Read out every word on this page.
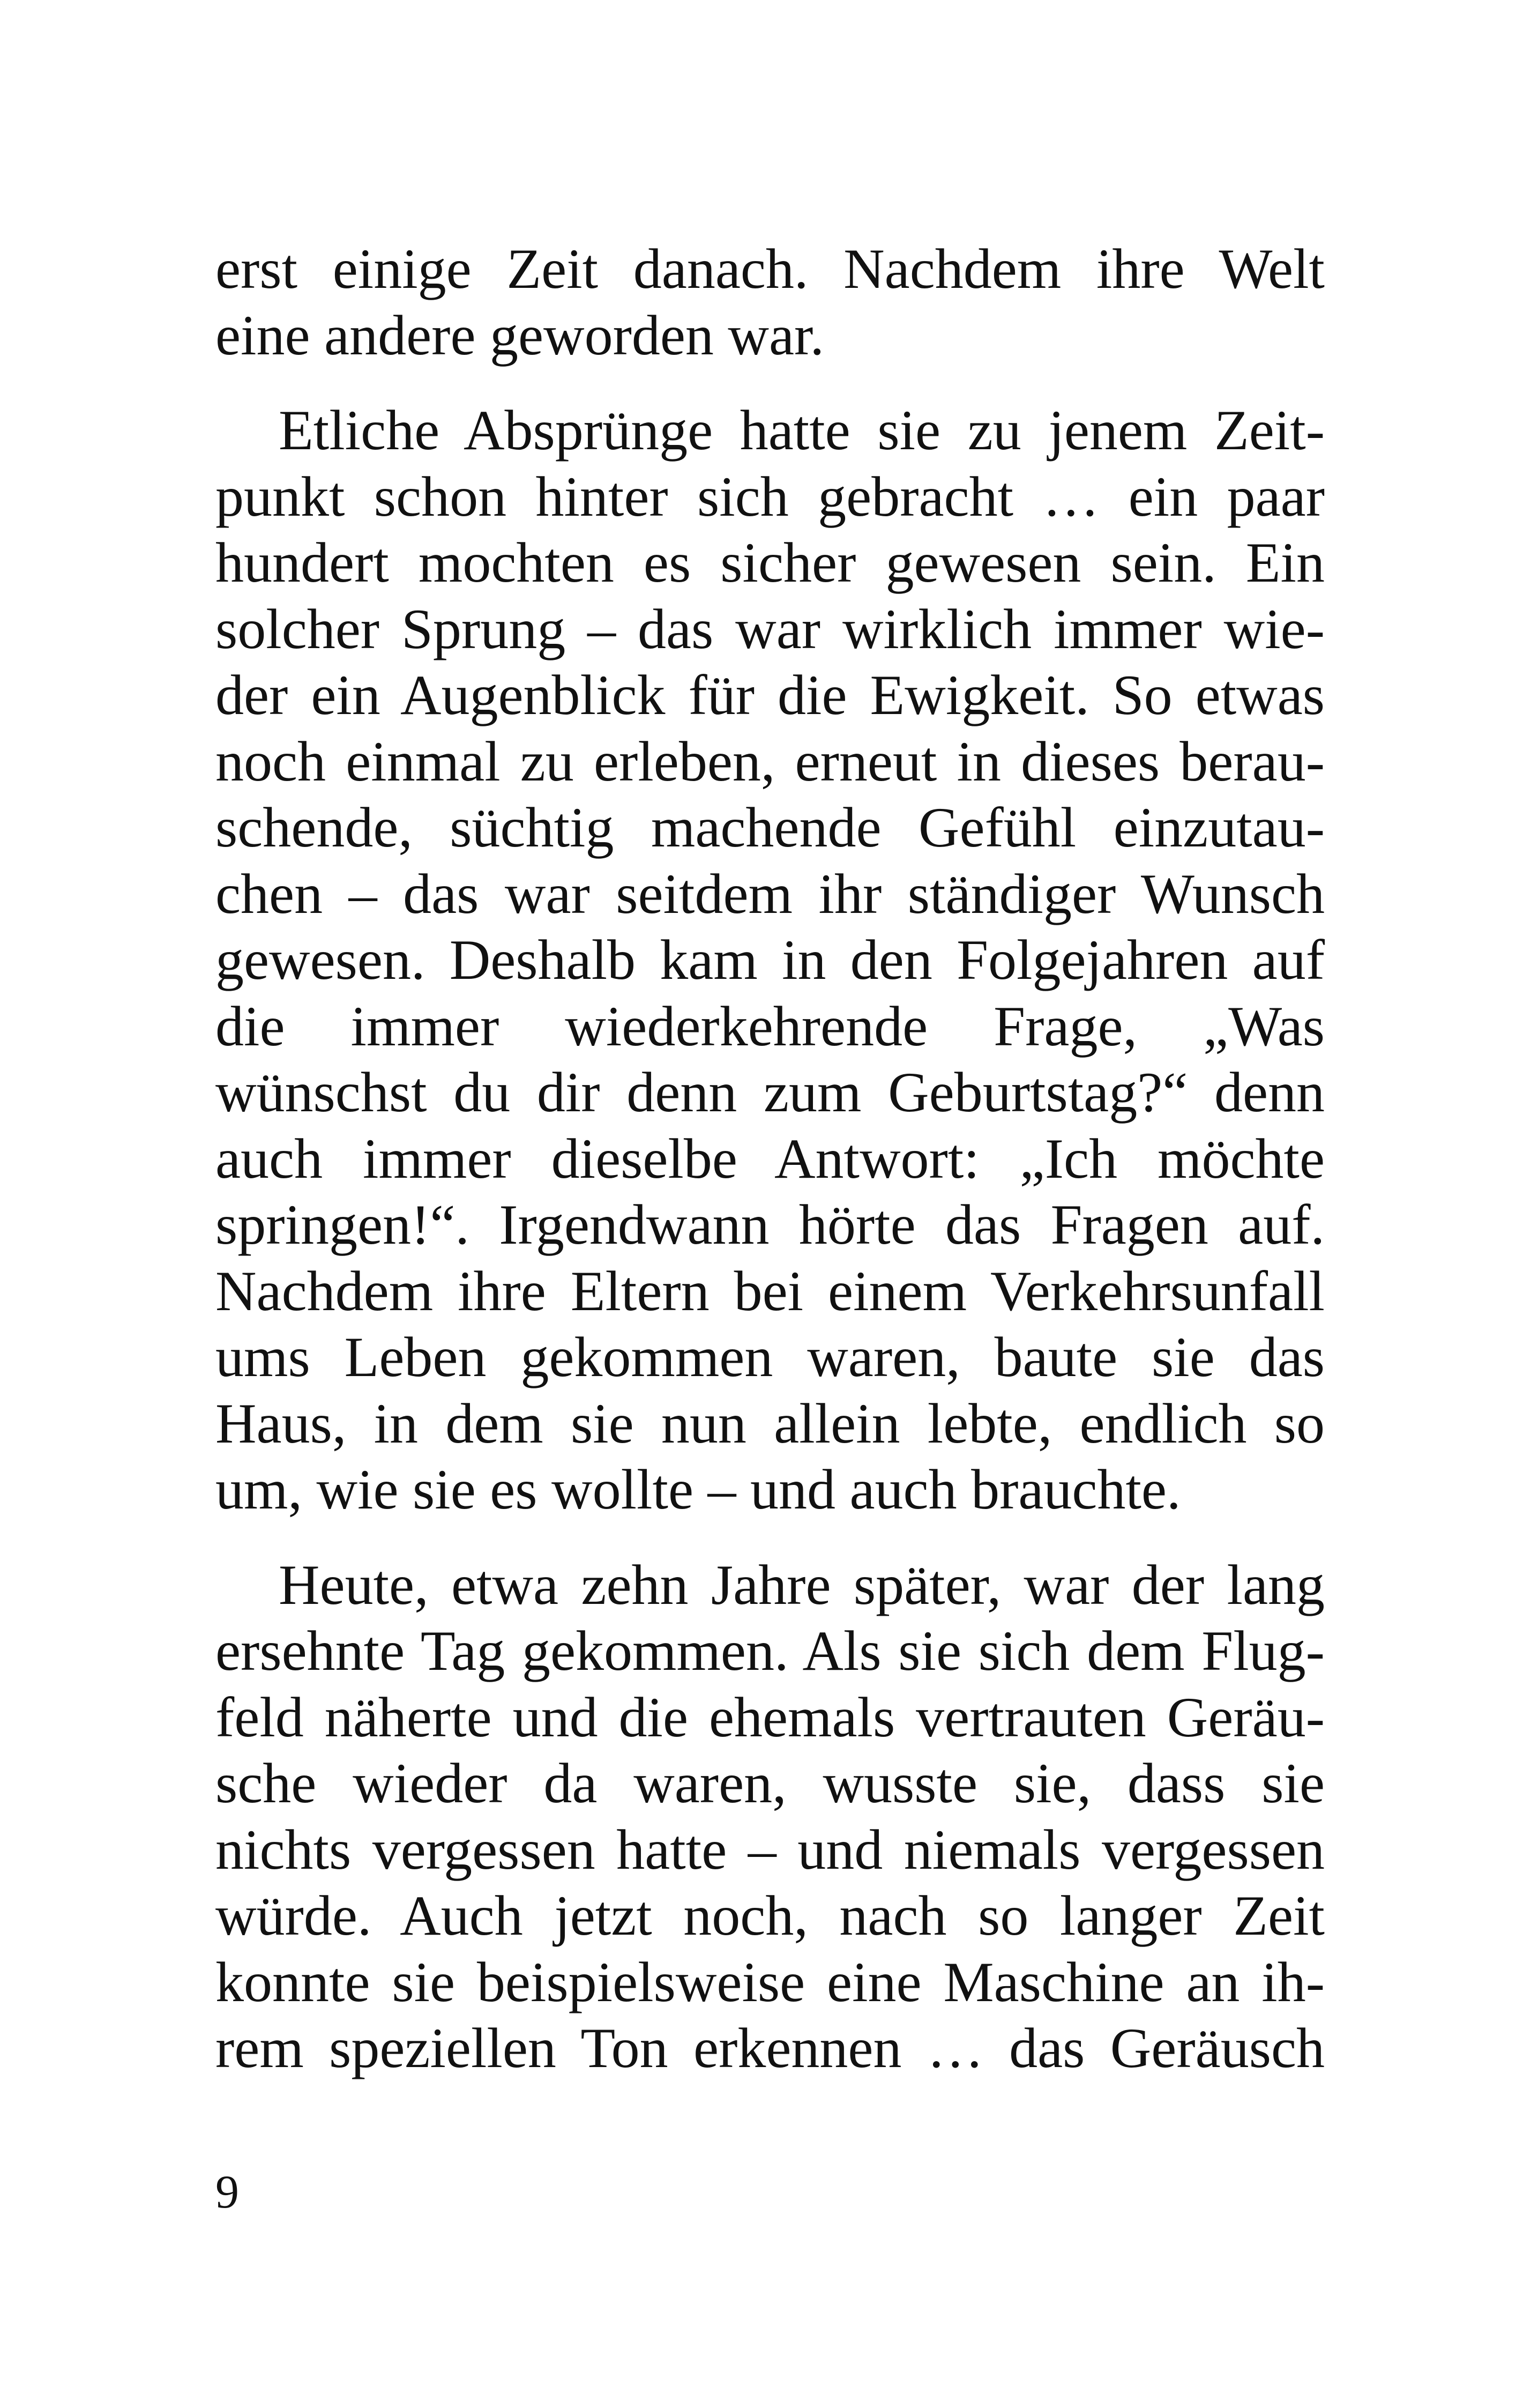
erst einige Zeit danach. Nachdem ihre Welt
eine andere geworden war.
Etliche Absprünge hatte sie zu jenem Zeit-
punkt schon hinter sich gebracht … ein paar
hundert mochten es sicher gewesen sein. Ein
solcher Sprung – das war wirklich immer wie-
der ein Augenblick für die Ewigkeit. So etwas
noch einmal zu erleben, erneut in dieses berau-
schende, süchtig machende Gefühl einzutau-
chen – das war seitdem ihr ständiger Wunsch
gewesen. Deshalb kam in den Folgejahren auf
die immer wiederkehrende Frage, „Was
wünschst du dir denn zum Geburtstag?“ denn
auch immer dieselbe Antwort: „Ich möchte
springen!“. Irgendwann hörte das Fragen auf.
Nachdem ihre Eltern bei einem Verkehrsunfall
ums Leben gekommen waren, baute sie das
Haus, in dem sie nun allein lebte, endlich so
um, wie sie es wollte – und auch brauchte.
Heute, etwa zehn Jahre später, war der lang
ersehnte Tag gekommen. Als sie sich dem Flug-
feld näherte und die ehemals vertrauten Geräu-
sche wieder da waren, wusste sie, dass sie
nichts vergessen hatte – und niemals vergessen
würde. Auch jetzt noch, nach so langer Zeit
konnte sie beispielsweise eine Maschine an ih-
rem speziellen Ton erkennen … das Geräusch
9
